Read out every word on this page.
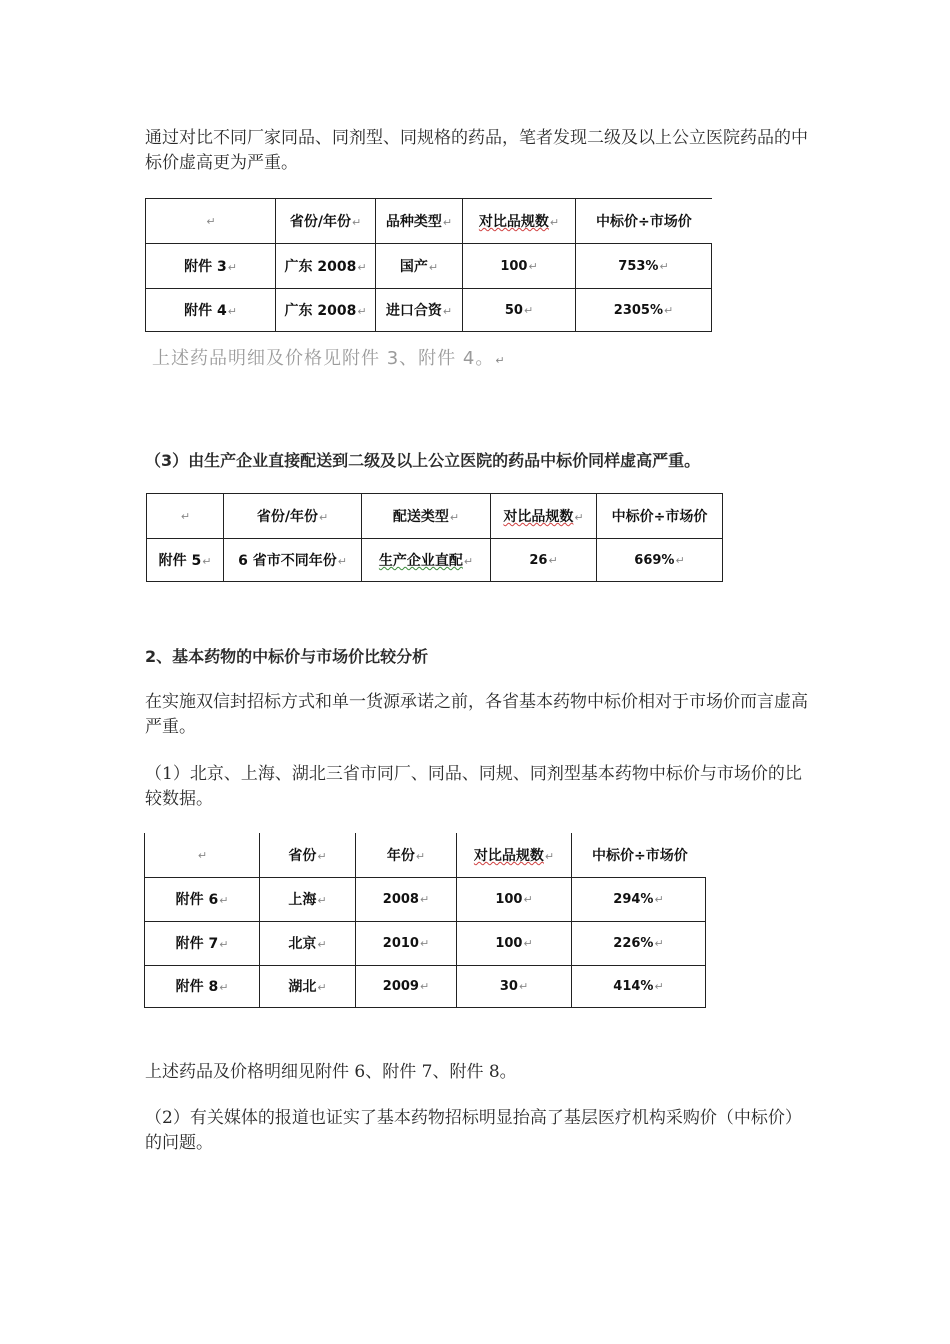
通过对比不同厂家同品、同剂型、同规格的药品，笔者发现二级及以上公立医院药品的中标价虚高更为严重。
↵	省份/年份↵	品种类型↵	对比品规数↵	中标价÷市场价
附件 3↵	广东 2008↵	国产↵	100↵	753%↵
附件 4↵	广东 2008↵	进口合资↵	50↵	2305%↵
上述药品明细及价格见附件 3、附件 4。↵
（3）由生产企业直接配送到二级及以上公立医院的药品中标价同样虚高严重。
↵	省份/年份↵	配送类型↵	对比品规数↵	中标价÷市场价
附件 5↵	6 省市不同年份↵	生产企业直配↵	26↵	669%↵
2、基本药物的中标价与市场价比较分析
在实施双信封招标方式和单一货源承诺之前，各省基本药物中标价相对于市场价而言虚高严重。
（1）北京、上海、湖北三省市同厂、同品、同规、同剂型基本药物中标价与市场价的比较数据。
↵	省份↵	年份↵	对比品规数↵	中标价÷市场价
附件 6↵	上海↵	2008↵	100↵	294%↵
附件 7↵	北京↵	2010↵	100↵	226%↵
附件 8↵	湖北↵	2009↵	30↵	414%↵
上述药品及价格明细见附件 6、附件 7、附件 8。
（2）有关媒体的报道也证实了基本药物招标明显抬高了基层医疗机构采购价（中标价）的问题。
